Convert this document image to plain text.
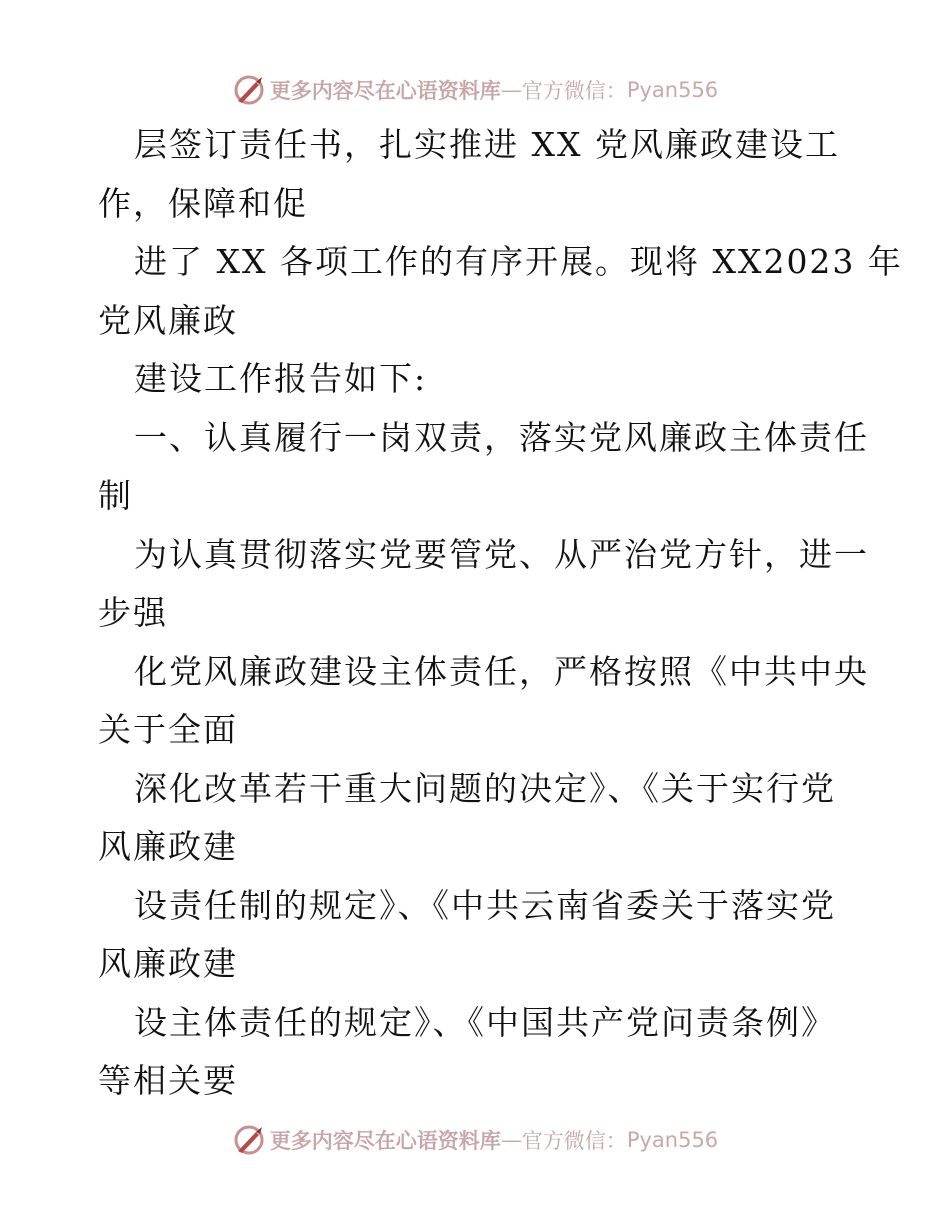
更多内容尽在心语资料库 — 官方微信： Pyan556
层签订责任书，扎实推进 XX 党风廉政建设工
作，保障和促
进了 XX 各项工作的有序开展。现将 XX2023 年
党风廉政
建设工作报告如下:
一、认真履行一岗双责，落实党风廉政主体责任
制
为认真贯彻落实党要管党、从严治党方针，进一
步强
化党风廉政建设主体责任，严格按照《中共中央
关于全面
深化改革若干重大问题的决定》、《关于实行党
风廉政建
设责任制的规定》、《中共云南省委关于落实党
风廉政建
设主体责任的规定》、《中国共产党问责条例》
等相关要
更多内容尽在心语资料库 — 官方微信： Pyan556
